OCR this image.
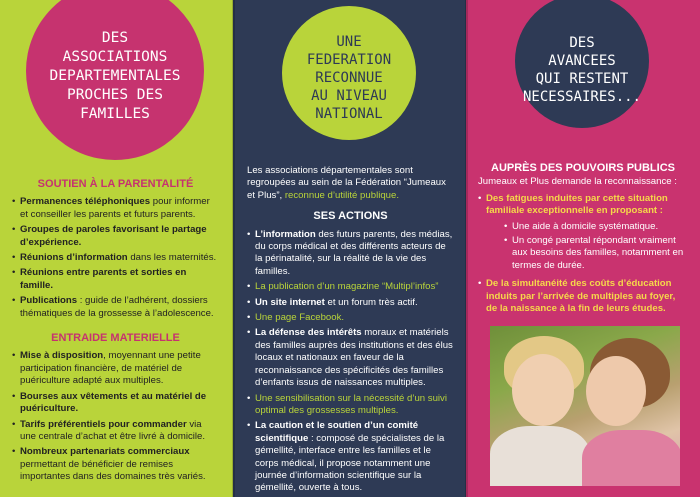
DES
ASSOCIATIONS
DEPARTEMENTALES
PROCHES DES
FAMILLES
SOUTIEN À LA PARENTALITÉ
• Permanences téléphoniques pour informer et conseiller les parents et futurs parents.
• Groupes de paroles favorisant le partage d’expérience.
• Réunions d’information dans les maternités.
• Réunions entre parents et sorties en famille.
• Publications : guide de l’adhérent, dossiers thématiques de la grossesse à l’adolescence.
ENTRAIDE MATERIELLE
• Mise à disposition, moyennant une petite participation financière, de matériel de puériculture adapté aux multiples.
• Bourses aux vêtements et au matériel de puériculture.
• Tarifs préférentiels pour commander via une centrale d’achat et être livré à domicile.
• Nombreux partenariats commerciaux permettant de bénéficier de remises importantes dans des domaines très variés.
UNE
FEDERATION
RECONNUE
AU NIVEAU
NATIONAL

Les associations départementales sont regroupées au sein de la Fédération “Jumeaux et Plus”, reconnue d’utilité publique.

SES ACTIONS
• L’information des futurs parents, des médias, du corps médical et des différents acteurs de la périnatalité, sur la réalité de la vie des familles.
• La publication d’un magazine “Multipl’infos”
• Un site internet et un forum très actif.
• Une page Facebook.
• La défense des intérêts moraux et matériels des familles auprès des institutions et des élus locaux et nationaux en faveur de la reconnaissance des spécificités des familles d’enfants issus de naissances multiples.
• Une sensibilisation sur la nécessité d’un suivi optimal des grossesses multiples.
• La caution et le soutien d’un comité scientifique : composé de spécialistes de la gémellité, interface entre les familles et le corps médical, il propose notamment une journée d’information scientifique sur la gémellité, ouverte à tous.
DES
AVANCEES
QUI RESTENT
NECESSAIRES...
AUPRÈS DES POUVOIRS PUBLICS

Jumeaux et Plus demande la reconnaissance :

• Des fatigues induites par cette situation familiale exceptionnelle en proposant :
• Une aide à domicile systématique.
• Un congé parental répondant vraiment aux besoins des familles, notamment en termes de durée.
• De la simultanéité des coûts d’éducation induits par l’arrivée de multiples au foyer, de la naissance à la fin de leurs études.
